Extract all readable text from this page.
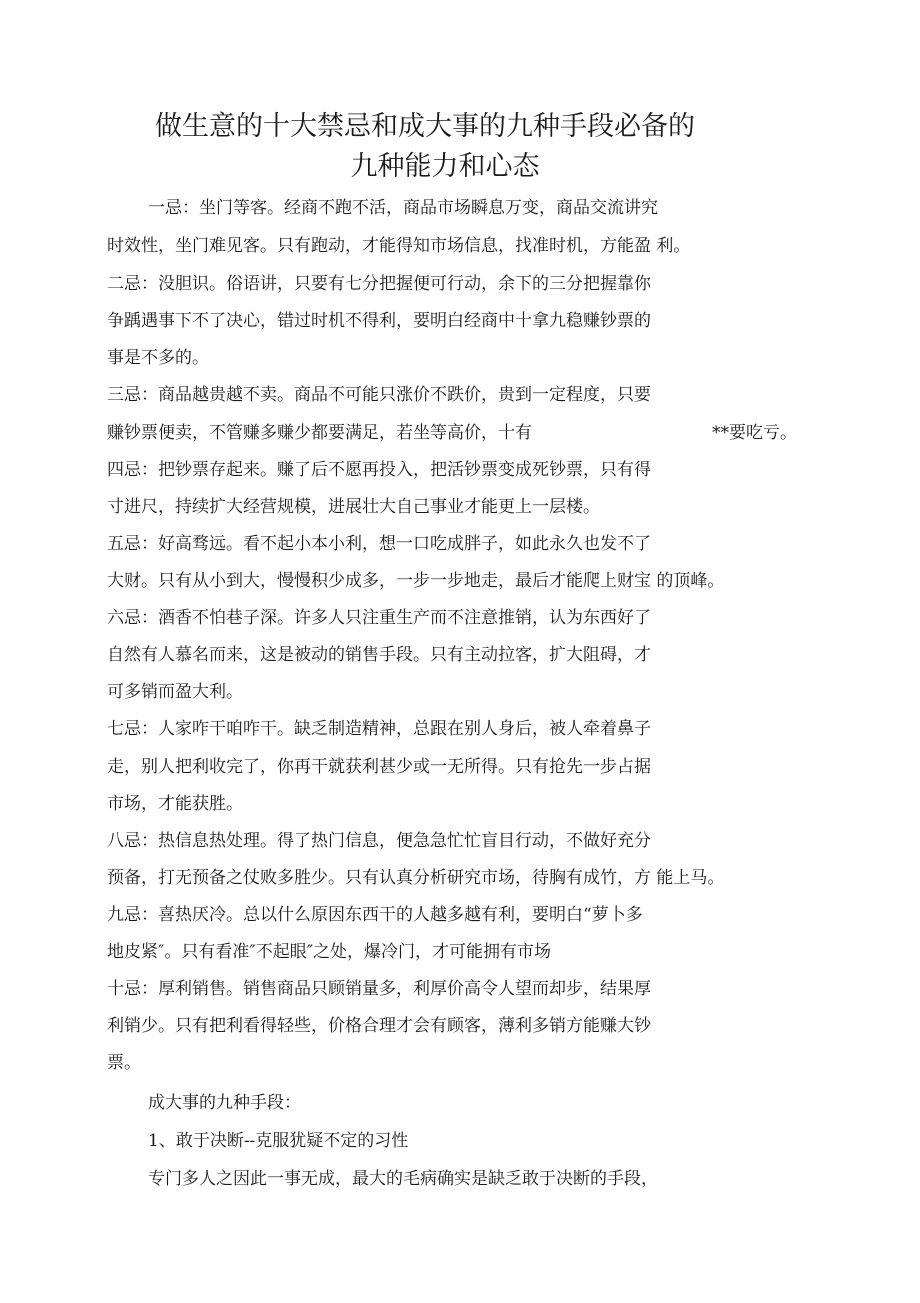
做生意的十大禁忌和成大事的九种手段必备的
九种能力和心态

一忌：坐门等客。经商不跑不活，商品市场瞬息万变，商品交流讲究

时效性，坐门难见客。只有跑动，才能得知市场信息，找准时机，方能盈 利。

二忌：没胆识。俗语讲，只要有七分把握便可行动，余下的三分把握靠你

争踽遇事下不了决心，错过时机不得利，要明白经商中十拿九稳赚钞票的

事是不多的。

三忌：商品越贵越不卖。商品不可能只涨价不跌价，贵到一定程度，只要

赚钞票便卖，不管赚多赚少都要满足，若坐等高价，十有	**要吃亏。

四忌：把钞票存起来。赚了后不愿再投入，把活钞票变成死钞票，只有得

寸进尺，持续扩大经营规模，进展壮大自己事业才能更上一层楼。

五忌：好高骛远。看不起小本小利，想一口吃成胖子，如此永久也发不了

大财。只有从小到大，慢慢积少成多，一步一步地走，最后才能爬上财宝 的顶峰。

六忌：酒香不怕巷子深。许多人只注重生产而不注意推销，认为东西好了

自然有人慕名而来，这是被动的销售手段。只有主动拉客，扩大阻碍，才

可多销而盈大利。

七忌：人家咋干咱咋干。缺乏制造精神，总跟在别人身后，被人牵着鼻子

走，别人把利收完了，你再干就获利甚少或一无所得。只有抢先一步占据

市场，才能获胜。

八忌：热信息热处理。得了热门信息，便急急忙忙盲目行动，不做好充分

预备，打无预备之仗败多胜少。只有认真分析研究市场，待胸有成竹，方 能上马。

九忌：喜热厌冷。总以什么原因东西干的人越多越有利，要明白“萝卜多

地皮紧″。只有看准″不起眼″之处，爆冷门，才可能拥有市场

十忌：厚利销售。销售商品只顾销量多，利厚价高令人望而却步，结果厚

利销少。只有把利看得轻些，价格合理才会有顾客，薄利多销方能赚大钞

票。

成大事的九种手段：

1、敢于决断--克服犹疑不定的习性

专门多人之因此一事无成，最大的毛病确实是缺乏敢于决断的手段，
